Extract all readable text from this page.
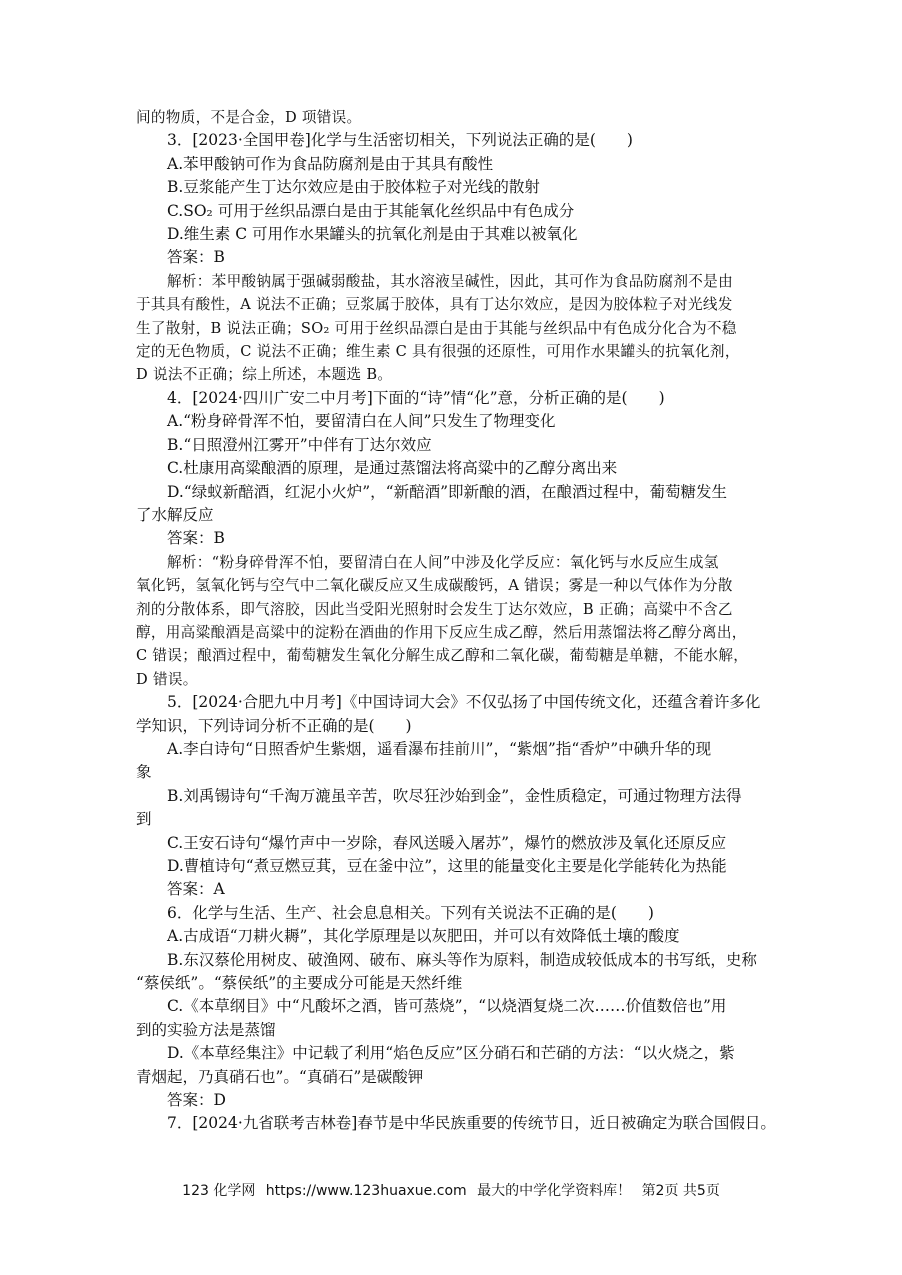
间的物质，不是合金，D 项错误。
3．[2023·全国甲卷]化学与生活密切相关，下列说法正确的是(　　)
A.苯甲酸钠可作为食品防腐剂是由于其具有酸性
B.豆浆能产生丁达尔效应是由于胶体粒子对光线的散射
C.SO₂ 可用于丝织品漂白是由于其能氧化丝织品中有色成分
D.维生素 C 可用作水果罐头的抗氧化剂是由于其难以被氧化
答案：B
解析：苯甲酸钠属于强碱弱酸盐，其水溶液呈碱性，因此，其可作为食品防腐剂不是由
于其具有酸性，A 说法不正确；豆浆属于胶体，具有丁达尔效应，是因为胶体粒子对光线发
生了散射，B 说法正确；SO₂ 可用于丝织品漂白是由于其能与丝织品中有色成分化合为不稳
定的无色物质，C 说法不正确；维生素 C 具有很强的还原性，可用作水果罐头的抗氧化剂，
D 说法不正确；综上所述，本题选 B。
4．[2024·四川广安二中月考]下面的“诗”情“化”意，分析正确的是(　　)
A.“粉身碎骨浑不怕，要留清白在人间”只发生了物理变化
B.“日照澄州江雾开”中伴有丁达尔效应
C.杜康用高粱酿酒的原理，是通过蒸馏法将高粱中的乙醇分离出来
D.“绿蚁新醅酒，红泥小火炉”，“新醅酒”即新酿的酒，在酿酒过程中，葡萄糖发生
了水解反应
答案：B
解析：“粉身碎骨浑不怕，要留清白在人间”中涉及化学反应：氧化钙与水反应生成氢
氧化钙，氢氧化钙与空气中二氧化碳反应又生成碳酸钙，A 错误；雾是一种以气体作为分散
剂的分散体系，即气溶胶，因此当受阳光照射时会发生丁达尔效应，B 正确；高粱中不含乙
醇，用高粱酿酒是高粱中的淀粉在酒曲的作用下反应生成乙醇，然后用蒸馏法将乙醇分离出，
C 错误；酿酒过程中，葡萄糖发生氧化分解生成乙醇和二氧化碳，葡萄糖是单糖，不能水解，
D 错误。
5．[2024·合肥九中月考]《中国诗词大会》不仅弘扬了中国传统文化，还蕴含着许多化
学知识，下列诗词分析不正确的是(　　)
A.李白诗句“日照香炉生紫烟，遥看瀑布挂前川”，“紫烟”指“香炉”中碘升华的现
象
B.刘禹锡诗句“千淘万漉虽辛苦，吹尽狂沙始到金”，金性质稳定，可通过物理方法得
到
C.王安石诗句“爆竹声中一岁除，春风送暖入屠苏”，爆竹的燃放涉及氧化还原反应
D.曹植诗句“煮豆燃豆萁，豆在釜中泣”，这里的能量变化主要是化学能转化为热能
答案：A
6．化学与生活、生产、社会息息相关。下列有关说法不正确的是(　　)
A.古成语“刀耕火耨”，其化学原理是以灰肥田，并可以有效降低土壤的酸度
B.东汉蔡伦用树皮、破渔网、破布、麻头等作为原料，制造成较低成本的书写纸，史称
“蔡侯纸”。“蔡侯纸”的主要成分可能是天然纤维
C.《本草纲目》中“凡酸坏之酒，皆可蒸烧”，“以烧酒复烧二次……价值数倍也”用
到的实验方法是蒸馏
D.《本草经集注》中记载了利用“焰色反应”区分硝石和芒硝的方法：“以火烧之，紫
青烟起，乃真硝石也”。“真硝石”是碳酸钾
答案：D
7．[2024·九省联考吉林卷]春节是中华民族重要的传统节日，近日被确定为联合国假日。
123 化学网 https://www.123huaxue.com 最大的中学化学资料库！ 第2页 共5页
